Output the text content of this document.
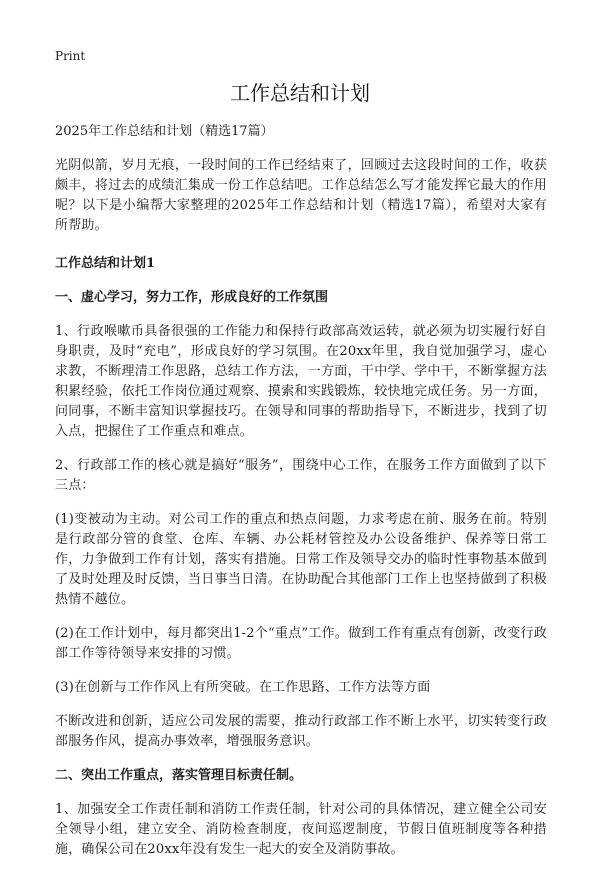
Print
工作总结和计划

2025年工作总结和计划（精选17篇）

光阴似箭，岁月无痕，一段时间的工作已经结束了，回顾过去这段时间的工作，收获颇丰，将过去的成绩汇集成一份工作总结吧。工作总结怎么写才能发挥它最大的作用呢？以下是小编帮大家整理的2025年工作总结和计划（精选17篇），希望对大家有所帮助。

工作总结和计划1

一、虚心学习，努力工作，形成良好的工作氛围

1、行政喉嗽币具备很强的工作能力和保持行政部高效运转，就必须为切实履行好自身职责，及时“充电”，形成良好的学习氛围。在20xx年里，我自觉加强学习，虚心求教，不断理清工作思路，总结工作方法，一方面，干中学、学中干，不断掌握方法积累经验，依托工作岗位通过观察、摸索和实践锻炼，较快地完成任务。另一方面，问同事，不断丰富知识掌握技巧。在领导和同事的帮助指导下，不断进步，找到了切入点，把握住了工作重点和难点。

2、行政部工作的核心就是搞好“服务”，围绕中心工作，在服务工作方面做到了以下三点：

(1)变被动为主动。对公司工作的重点和热点问题，力求考虑在前、服务在前。特别是行政部分管的食堂、仓库、车辆、办公耗材管控及办公设备维护、保养等日常工作，力争做到工作有计划，落实有措施。日常工作及领导交办的临时性事物基本做到了及时处理及时反馈，当日事当日清。在协助配合其他部门工作上也坚持做到了积极热情不越位。

(2)在工作计划中，每月都突出1-2个“重点”工作。做到工作有重点有创新，改变行政部工作等待领导来安排的习惯。

(3)在创新与工作作风上有所突破。在工作思路、工作方法等方面

不断改进和创新，适应公司发展的需要，推动行政部工作不断上水平，切实转变行政部服务作风，提高办事效率，增强服务意识。

二、突出工作重点，落实管理目标责任制。

1、加强安全工作责任制和消防工作责任制，针对公司的具体情况，建立健全公司安全领导小组，建立安全、消防检查制度，夜间巡逻制度，节假日值班制度等各种措施，确保公司在20xx年没有发生一起大的安全及消防事故。
